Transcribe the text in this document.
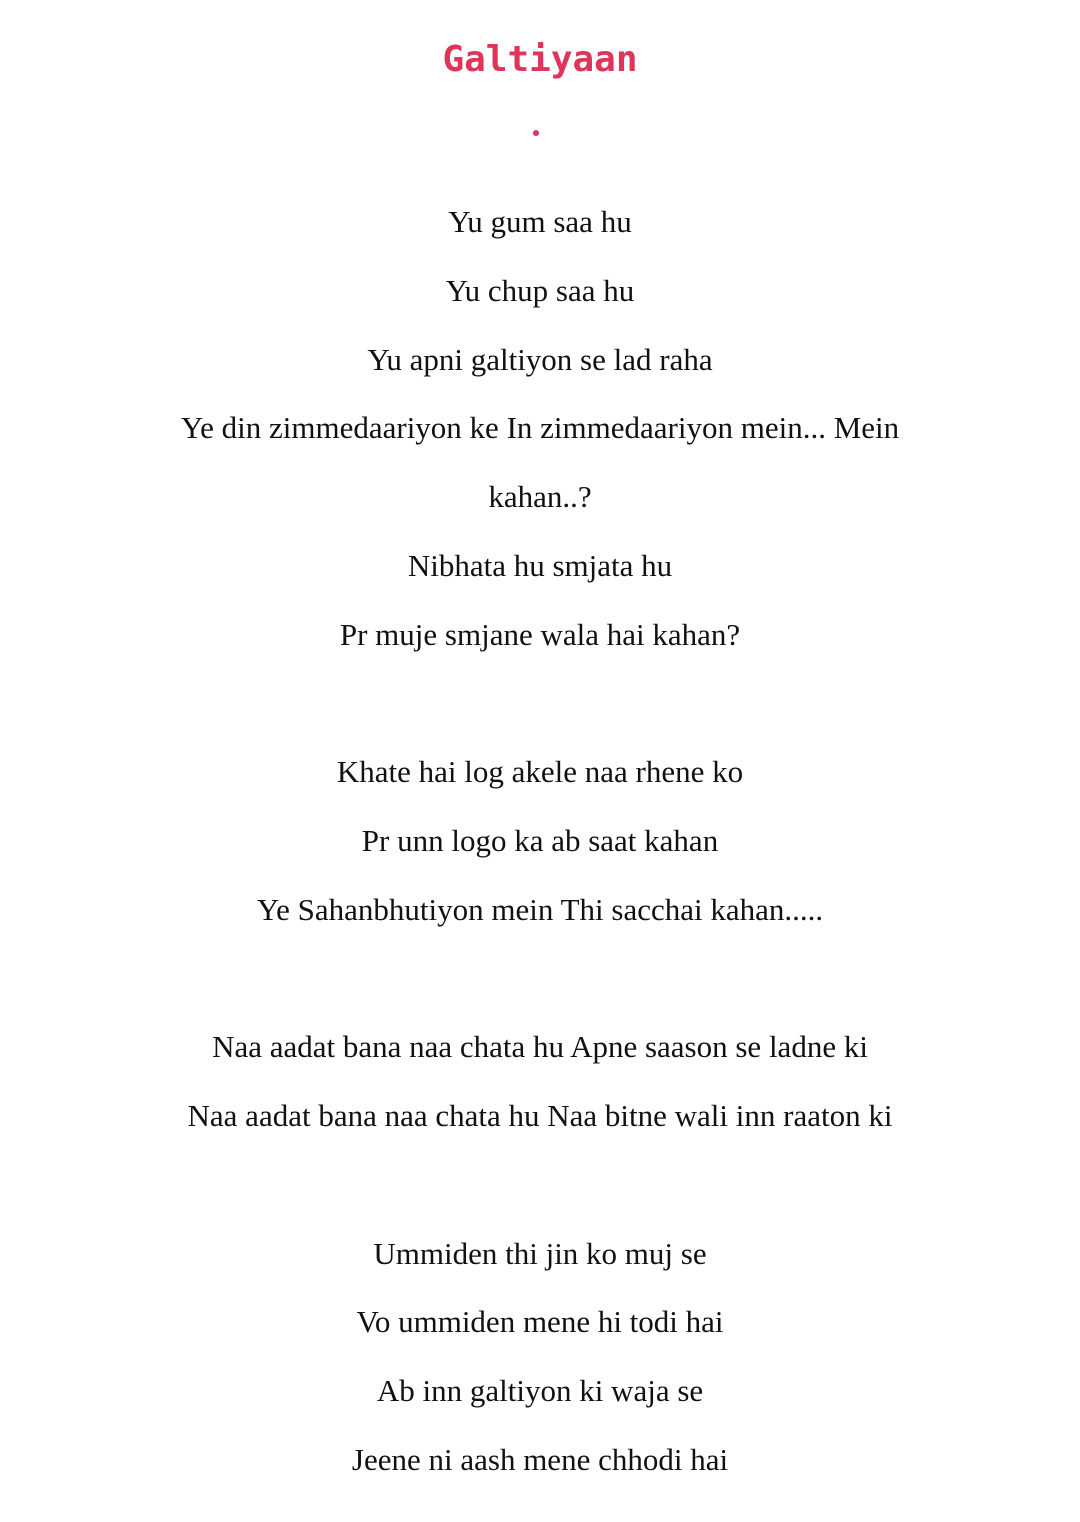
Galtiyaan
Yu gum saa hu
Yu chup saa hu
Yu apni galtiyon se lad raha
Ye din zimmedaariyon ke In zimmedaariyon mein... Mein
kahan..?
Nibhata hu smjata hu
Pr muje smjane wala hai kahan?
Khate hai log akele naa rhene ko
Pr unn logo ka ab saat kahan
Ye Sahanbhutiyon mein Thi sacchai kahan.....
Naa aadat bana naa chata hu Apne saason se ladne ki
Naa aadat bana naa chata hu Naa bitne wali inn raaton ki
Ummiden thi jin ko muj se
Vo ummiden mene hi todi hai
Ab inn galtiyon ki waja se
Jeene ni aash mene chhodi hai
